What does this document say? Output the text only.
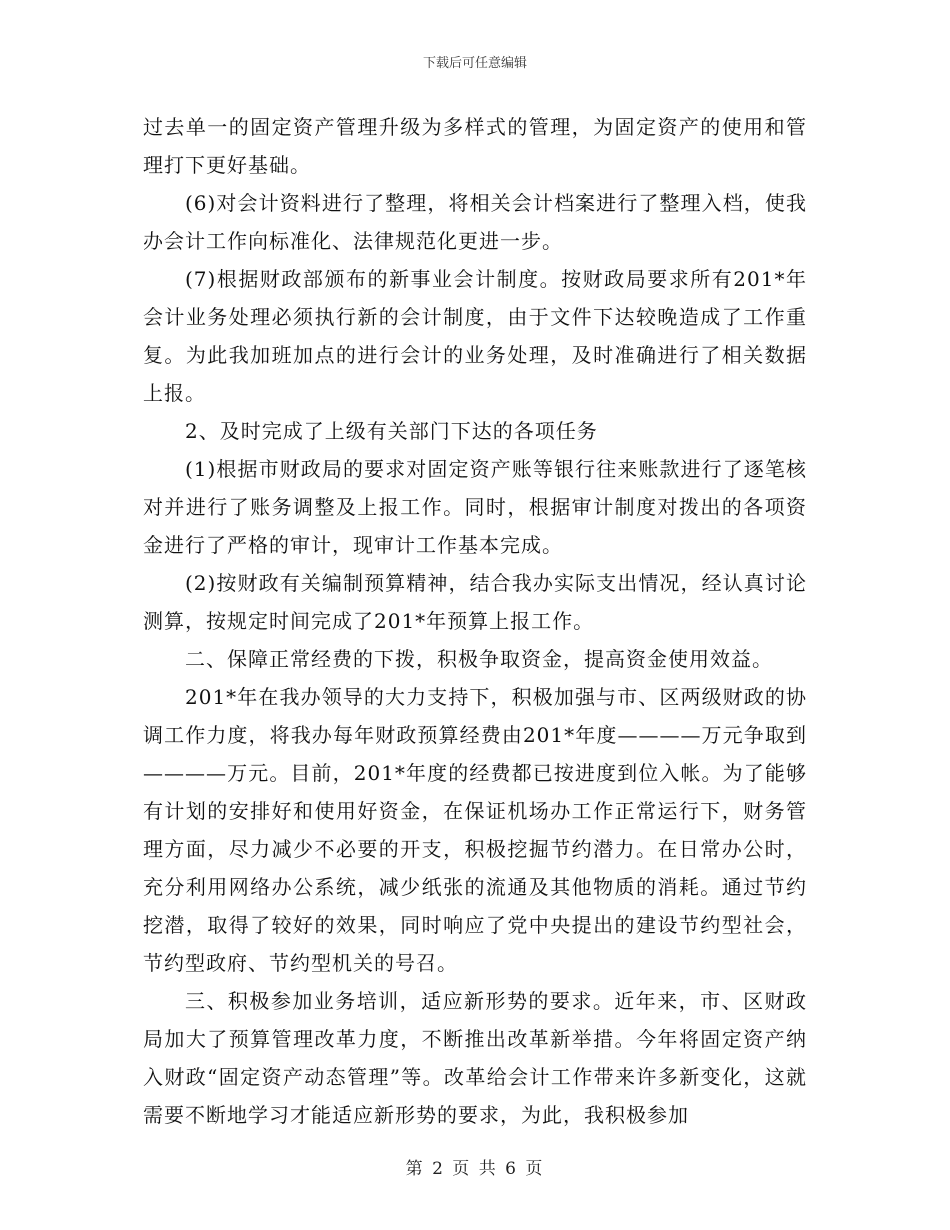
下载后可任意编辑

过去单一的固定资产管理升级为多样式的管理，为固定资产的使用和管理打下更好基础。

(6)对会计资料进行了整理，将相关会计档案进行了整理入档，使我办会计工作向标准化、法律规范化更进一步。

(7)根据财政部颁布的新事业会计制度。按财政局要求所有201*年会计业务处理必须执行新的会计制度，由于文件下达较晚造成了工作重复。为此我加班加点的进行会计的业务处理，及时准确进行了相关数据上报。

2、及时完成了上级有关部门下达的各项任务

(1)根据市财政局的要求对固定资产账等银行往来账款进行了逐笔核对并进行了账务调整及上报工作。同时，根据审计制度对拨出的各项资金进行了严格的审计，现审计工作基本完成。

(2)按财政有关编制预算精神，结合我办实际支出情况，经认真讨论测算，按规定时间完成了201*年预算上报工作。

二、保障正常经费的下拨，积极争取资金，提高资金使用效益。

201*年在我办领导的大力支持下，积极加强与市、区两级财政的协调工作力度，将我办每年财政预算经费由201*年度————万元争取到————万元。目前，201*年度的经费都已按进度到位入帐。为了能够有计划的安排好和使用好资金，在保证机场办工作正常运行下，财务管理方面，尽力减少不必要的开支，积极挖掘节约潜力。在日常办公时，充分利用网络办公系统，减少纸张的流通及其他物质的消耗。通过节约挖潜，取得了较好的效果，同时响应了党中央提出的建设节约型社会，节约型政府、节约型机关的号召。

三、积极参加业务培训，适应新形势的要求。近年来，市、区财政局加大了预算管理改革力度，不断推出改革新举措。今年将固定资产纳入财政“固定资产动态管理”等。改革给会计工作带来许多新变化，这就需要不断地学习才能适应新形势的要求，为此，我积极参加

第 2 页 共 6 页
